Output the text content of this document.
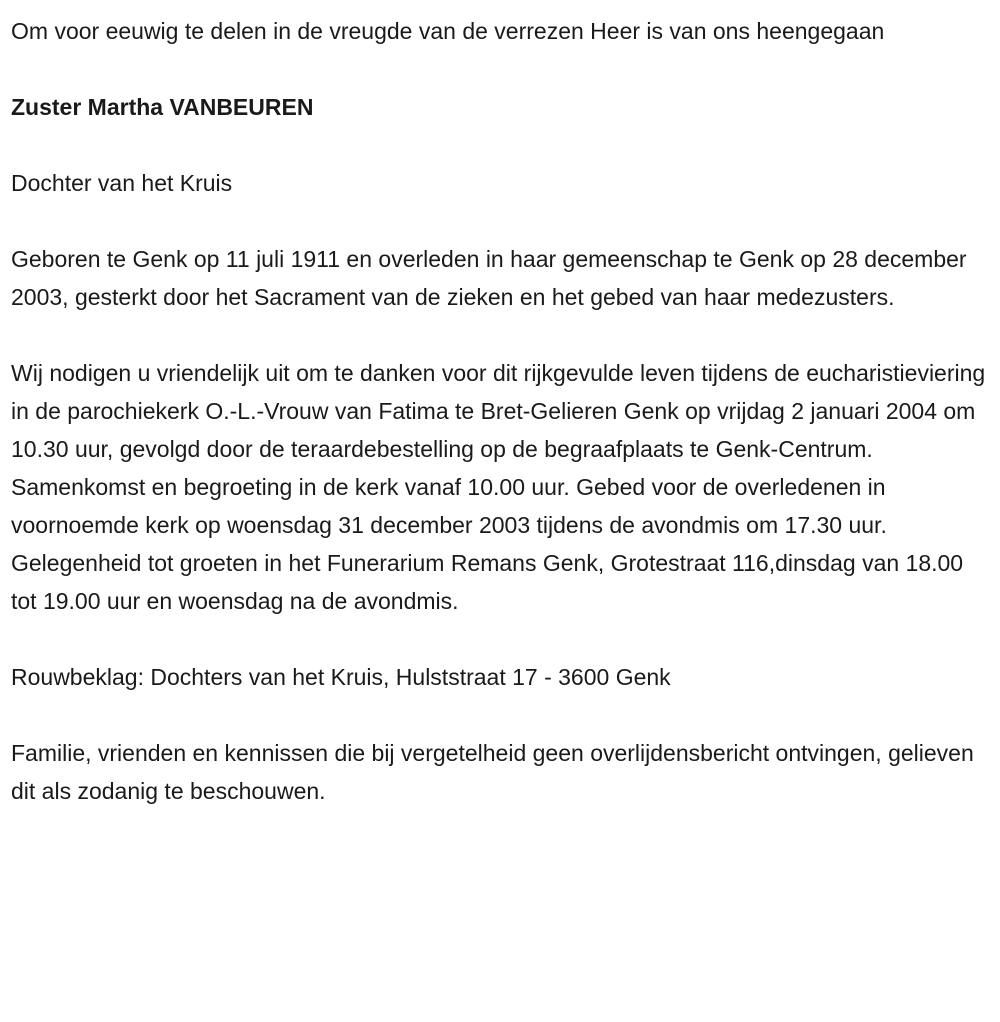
Om voor eeuwig te delen in de vreugde van de verrezen Heer is van ons heengegaan

Zuster Martha VANBEUREN

Dochter van het Kruis

Geboren te Genk op 11 juli 1911 en overleden in haar gemeenschap te Genk op 28 december 2003, gesterkt door het Sacrament van de zieken en het gebed van haar medezusters.

Wij nodigen u vriendelijk uit om te danken voor dit rijkgevulde leven tijdens de eucharistieviering in de parochiekerk O.-L.-Vrouw van Fatima te Bret-Gelieren Genk op vrijdag 2 januari 2004 om 10.30 uur, gevolgd door de teraardebestelling op de begraafplaats te Genk-Centrum. Samenkomst en begroeting in de kerk vanaf 10.00 uur. Gebed voor de overledenen in voornoemde kerk op woensdag 31 december 2003 tijdens de avondmis om 17.30 uur. Gelegenheid tot groeten in het Funerarium Remans Genk, Grotestraat 116,dinsdag van 18.00 tot 19.00 uur en woensdag na de avondmis.

Rouwbeklag: Dochters van het Kruis, Hulststraat 17 - 3600 Genk

Familie, vrienden en kennissen die bij vergetelheid geen overlijdensbericht ontvingen, gelieven dit als zodanig te beschouwen.
